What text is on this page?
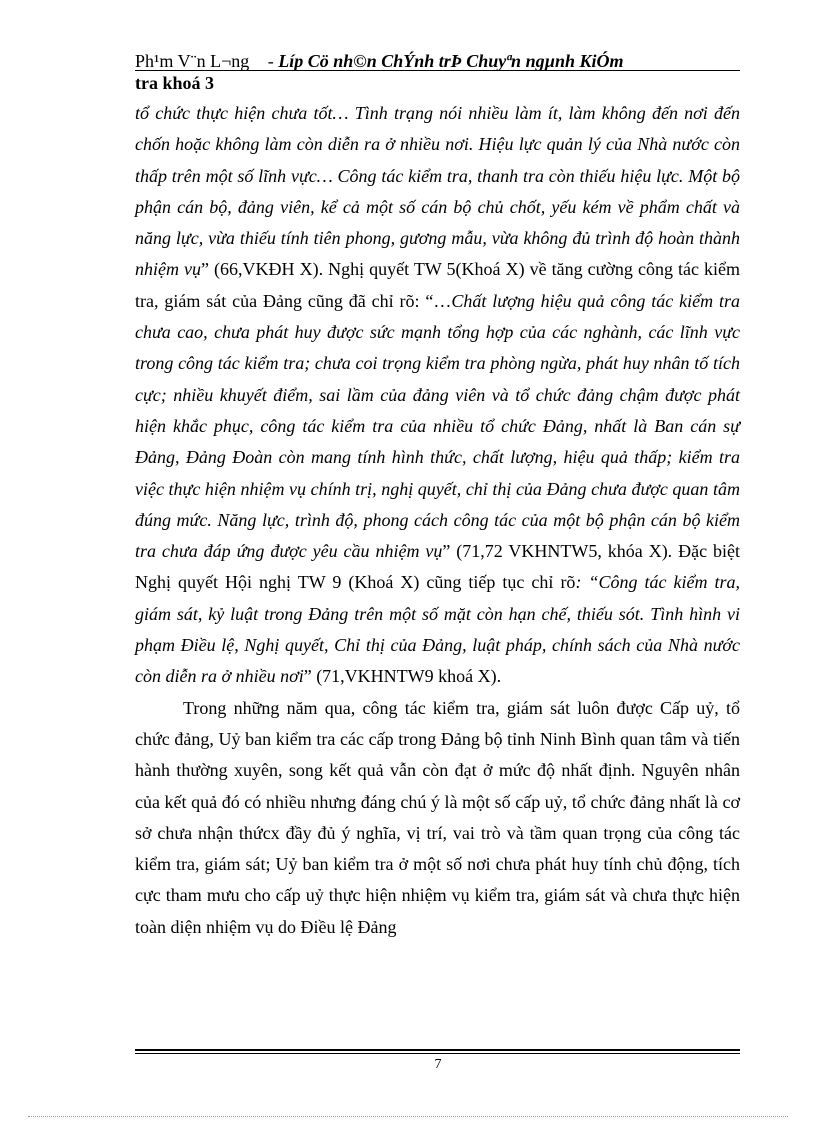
Ph¹m V¨n L¬ng - Líp Cö nh©n ChÝnh trÞ Chuyªn ngµnh KiÓm
tra khoá 3

tổ chức thực hiện chưa tốt… Tình trạng nói nhiều làm ít, làm không đến nơi đến chốn hoặc không làm còn diễn ra ở nhiều nơi. Hiệu lực quản lý của Nhà nước còn thấp trên một số lĩnh vực… Công tác kiểm tra, thanh tra còn thiếu hiệu lực. Một bộ phận cán bộ, đảng viên, kể cả một số cán bộ chủ chốt, yếu kém về phẩm chất và năng lực, vừa thiếu tính tiên phong, gương mẫu, vừa không đủ trình độ hoàn thành nhiệm vụ” (66,VKĐH X). Nghị quyết TW 5(Khoá X) về tăng cường công tác kiểm tra, giám sát của Đảng cũng đã chỉ rõ: “…Chất lượng hiệu quả công tác kiểm tra chưa cao, chưa phát huy được sức mạnh tổng hợp của các nghành, các lĩnh vực trong công tác kiểm tra; chưa coi trọng kiểm tra phòng ngừa, phát huy nhân tố tích cực; nhiều khuyết điểm, sai lầm của đảng viên và tổ chức đảng chậm được phát hiện khắc phục, công tác kiểm tra của nhiều tổ chức Đảng, nhất là Ban cán sự Đảng, Đảng Đoàn còn mang tính hình thức, chất lượng, hiệu quả thấp; kiểm tra việc thực hiện nhiệm vụ chính trị, nghị quyết, chỉ thị của Đảng chưa được quan tâm đúng mức. Năng lực, trình độ, phong cách công tác của một bộ phận cán bộ kiểm tra chưa đáp ứng được yêu cầu nhiệm vụ” (71,72 VKHNTW5, khóa X). Đặc biệt Nghị quyết Hội nghị TW 9 (Khoá X) cũng tiếp tục chỉ rõ: “Công tác kiểm tra, giám sát, kỷ luật trong Đảng trên một số mặt còn hạn chế, thiếu sót. Tình hình vi phạm Điều lệ, Nghị quyết, Chỉ thị của Đảng, luật pháp, chính sách của Nhà nước còn diễn ra ở nhiều nơi” (71,VKHNTW9 khoá X).

Trong những năm qua, công tác kiểm tra, giám sát luôn được Cấp uỷ, tổ chức đảng, Uỷ ban kiểm tra các cấp trong Đảng bộ tỉnh Ninh Bình quan tâm và tiến hành thường xuyên, song kết quả vẫn còn đạt ở mức độ nhất định. Nguyên nhân của kết quả đó có nhiều nhưng đáng chú ý là một số cấp uỷ, tổ chức đảng nhất là cơ sở chưa nhận thứcx đầy đủ ý nghĩa, vị trí, vai trò và tầm quan trọng của công tác kiểm tra, giám sát; Uỷ ban kiểm tra ở một số nơi chưa phát huy tính chủ động, tích cực tham mưu cho cấp uỷ thực hiện nhiệm vụ kiểm tra, giám sát và chưa thực hiện toàn diện nhiệm vụ do Điều lệ Đảng

7
